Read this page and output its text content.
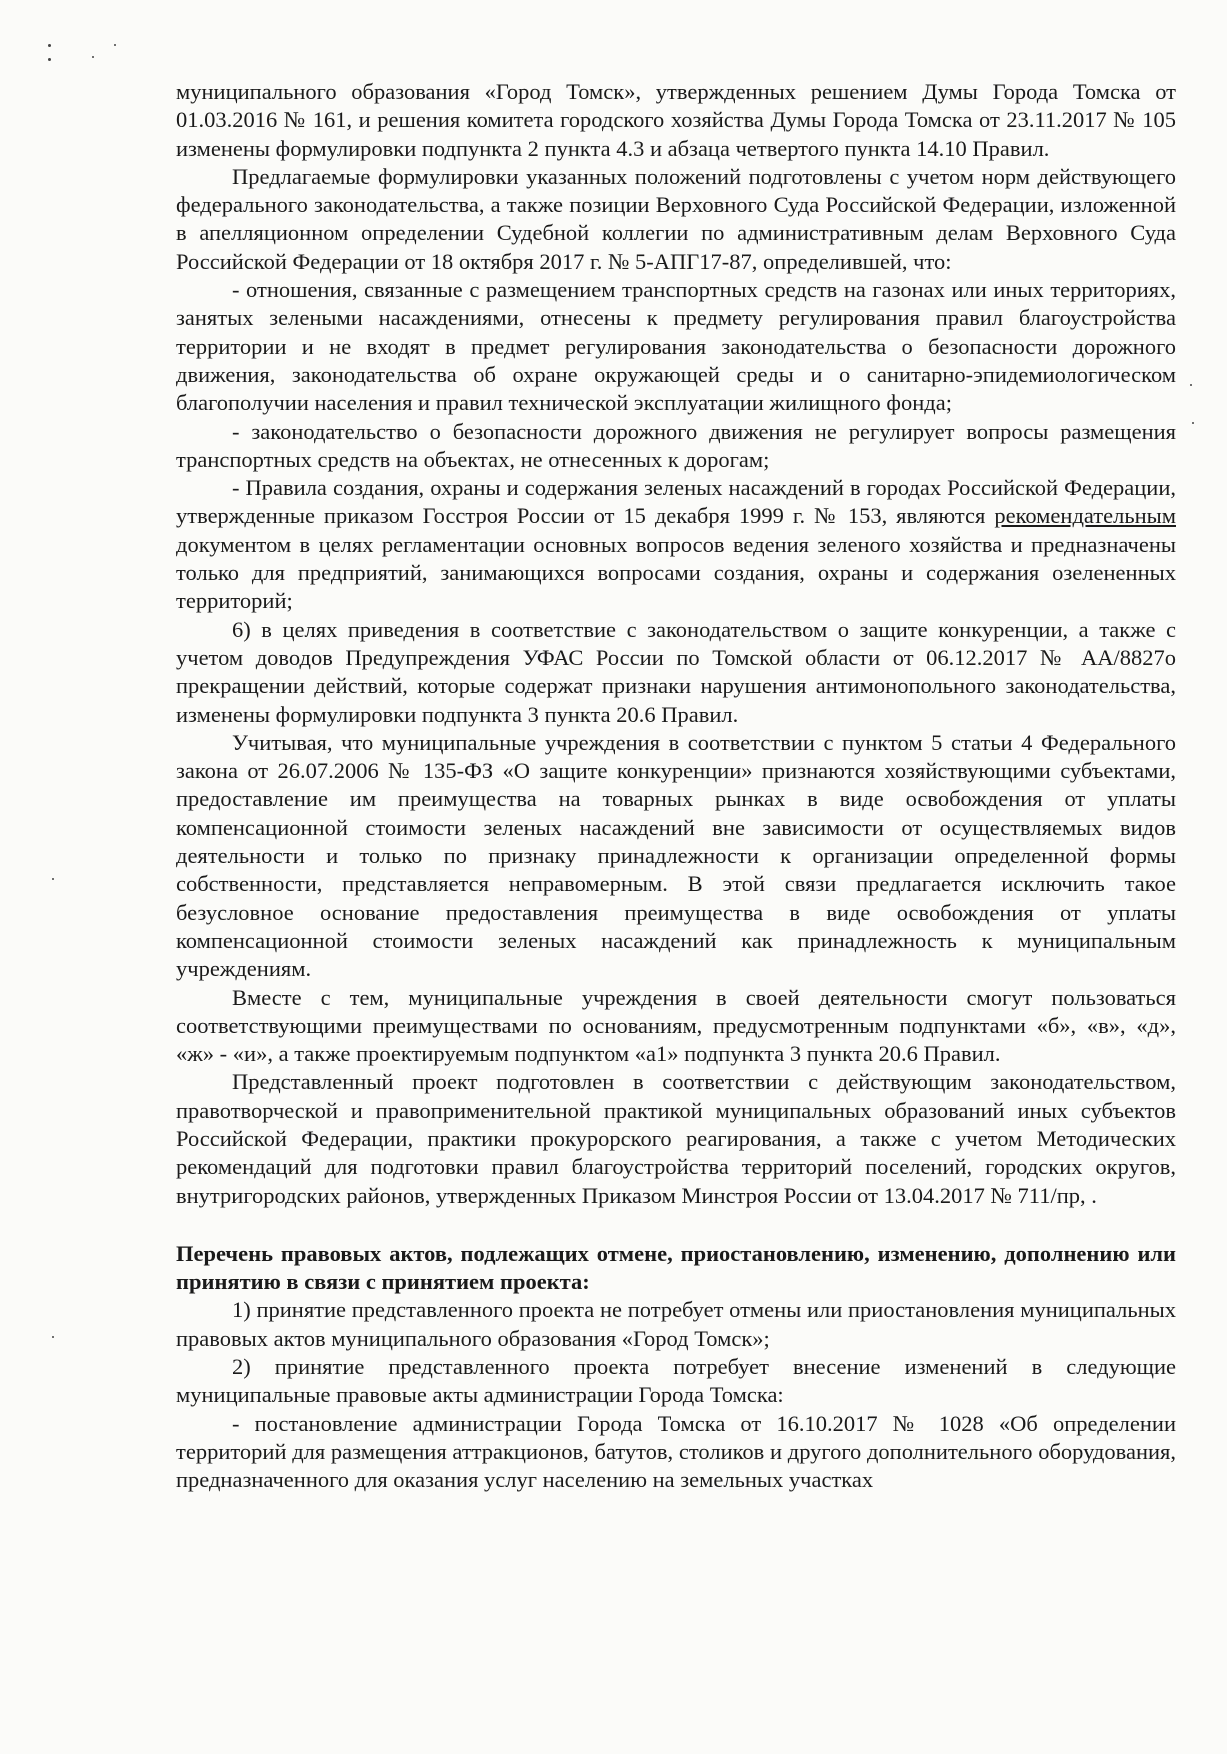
муниципального образования «Город Томск», утвержденных решением Думы Города Томска от 01.03.2016 № 161, и решения комитета городского хозяйства Думы Города Томска от 23.11.2017 № 105 изменены формулировки подпункта 2 пункта 4.3 и абзаца четвертого пункта 14.10 Правил.

Предлагаемые формулировки указанных положений подготовлены с учетом норм действующего федерального законодательства, а также позиции Верховного Суда Российской Федерации, изложенной в апелляционном определении Судебной коллегии по административным делам Верховного Суда Российской Федерации от 18 октября 2017 г. № 5-АПГ17-87, определившей, что:

- отношения, связанные с размещением транспортных средств на газонах или иных территориях, занятых зелеными насаждениями, отнесены к предмету регулирования правил благоустройства территории и не входят в предмет регулирования законодательства о безопасности дорожного движения, законодательства об охране окружающей среды и о санитарно-эпидемиологическом благополучии населения и правил технической эксплуатации жилищного фонда;

- законодательство о безопасности дорожного движения не регулирует вопросы размещения транспортных средств на объектах, не отнесенных к дорогам;

- Правила создания, охраны и содержания зеленых насаждений в городах Российской Федерации, утвержденные приказом Госстроя России от 15 декабря 1999 г. № 153, являются рекомендательным документом в целях регламентации основных вопросов ведения зеленого хозяйства и предназначены только для предприятий, занимающихся вопросами создания, охраны и содержания озелененных территорий;

6) в целях приведения в соответствие с законодательством о защите конкуренции, а также с учетом доводов Предупреждения УФАС России по Томской области от 06.12.2017 № АА/8827о прекращении действий, которые содержат признаки нарушения антимонопольного законодательства, изменены формулировки подпункта 3 пункта 20.6 Правил.

Учитывая, что муниципальные учреждения в соответствии с пунктом 5 статьи 4 Федерального закона от 26.07.2006 № 135-ФЗ «О защите конкуренции» признаются хозяйствующими субъектами, предоставление им преимущества на товарных рынках в виде освобождения от уплаты компенсационной стоимости зеленых насаждений вне зависимости от осуществляемых видов деятельности и только по признаку принадлежности к организации определенной формы собственности, представляется неправомерным. В этой связи предлагается исключить такое безусловное основание предоставления преимущества в виде освобождения от уплаты компенсационной стоимости зеленых насаждений как принадлежность к муниципальным учреждениям.

Вместе с тем, муниципальные учреждения в своей деятельности смогут пользоваться соответствующими преимуществами по основаниям, предусмотренным подпунктами «б», «в», «д», «ж» - «и», а также проектируемым подпунктом «а1» подпункта 3 пункта 20.6 Правил.

Представленный проект подготовлен в соответствии с действующим законодательством, правотворческой и правоприменительной практикой муниципальных образований иных субъектов Российской Федерации, практики прокурорского реагирования, а также с учетом Методических рекомендаций для подготовки правил благоустройства территорий поселений, городских округов, внутригородских районов, утвержденных Приказом Минстроя России от 13.04.2017 № 711/пр, .

Перечень правовых актов, подлежащих отмене, приостановлению, изменению, дополнению или принятию в связи с принятием проекта:

1) принятие представленного проекта не потребует отмены или приостановления муниципальных правовых актов муниципального образования «Город Томск»;

2) принятие представленного проекта потребует внесение изменений в следующие муниципальные правовые акты администрации Города Томска:

- постановление администрации Города Томска от 16.10.2017 № 1028 «Об определении территорий для размещения аттракционов, батутов, столиков и другого дополнительного оборудования, предназначенного для оказания услуг населению на земельных участках
